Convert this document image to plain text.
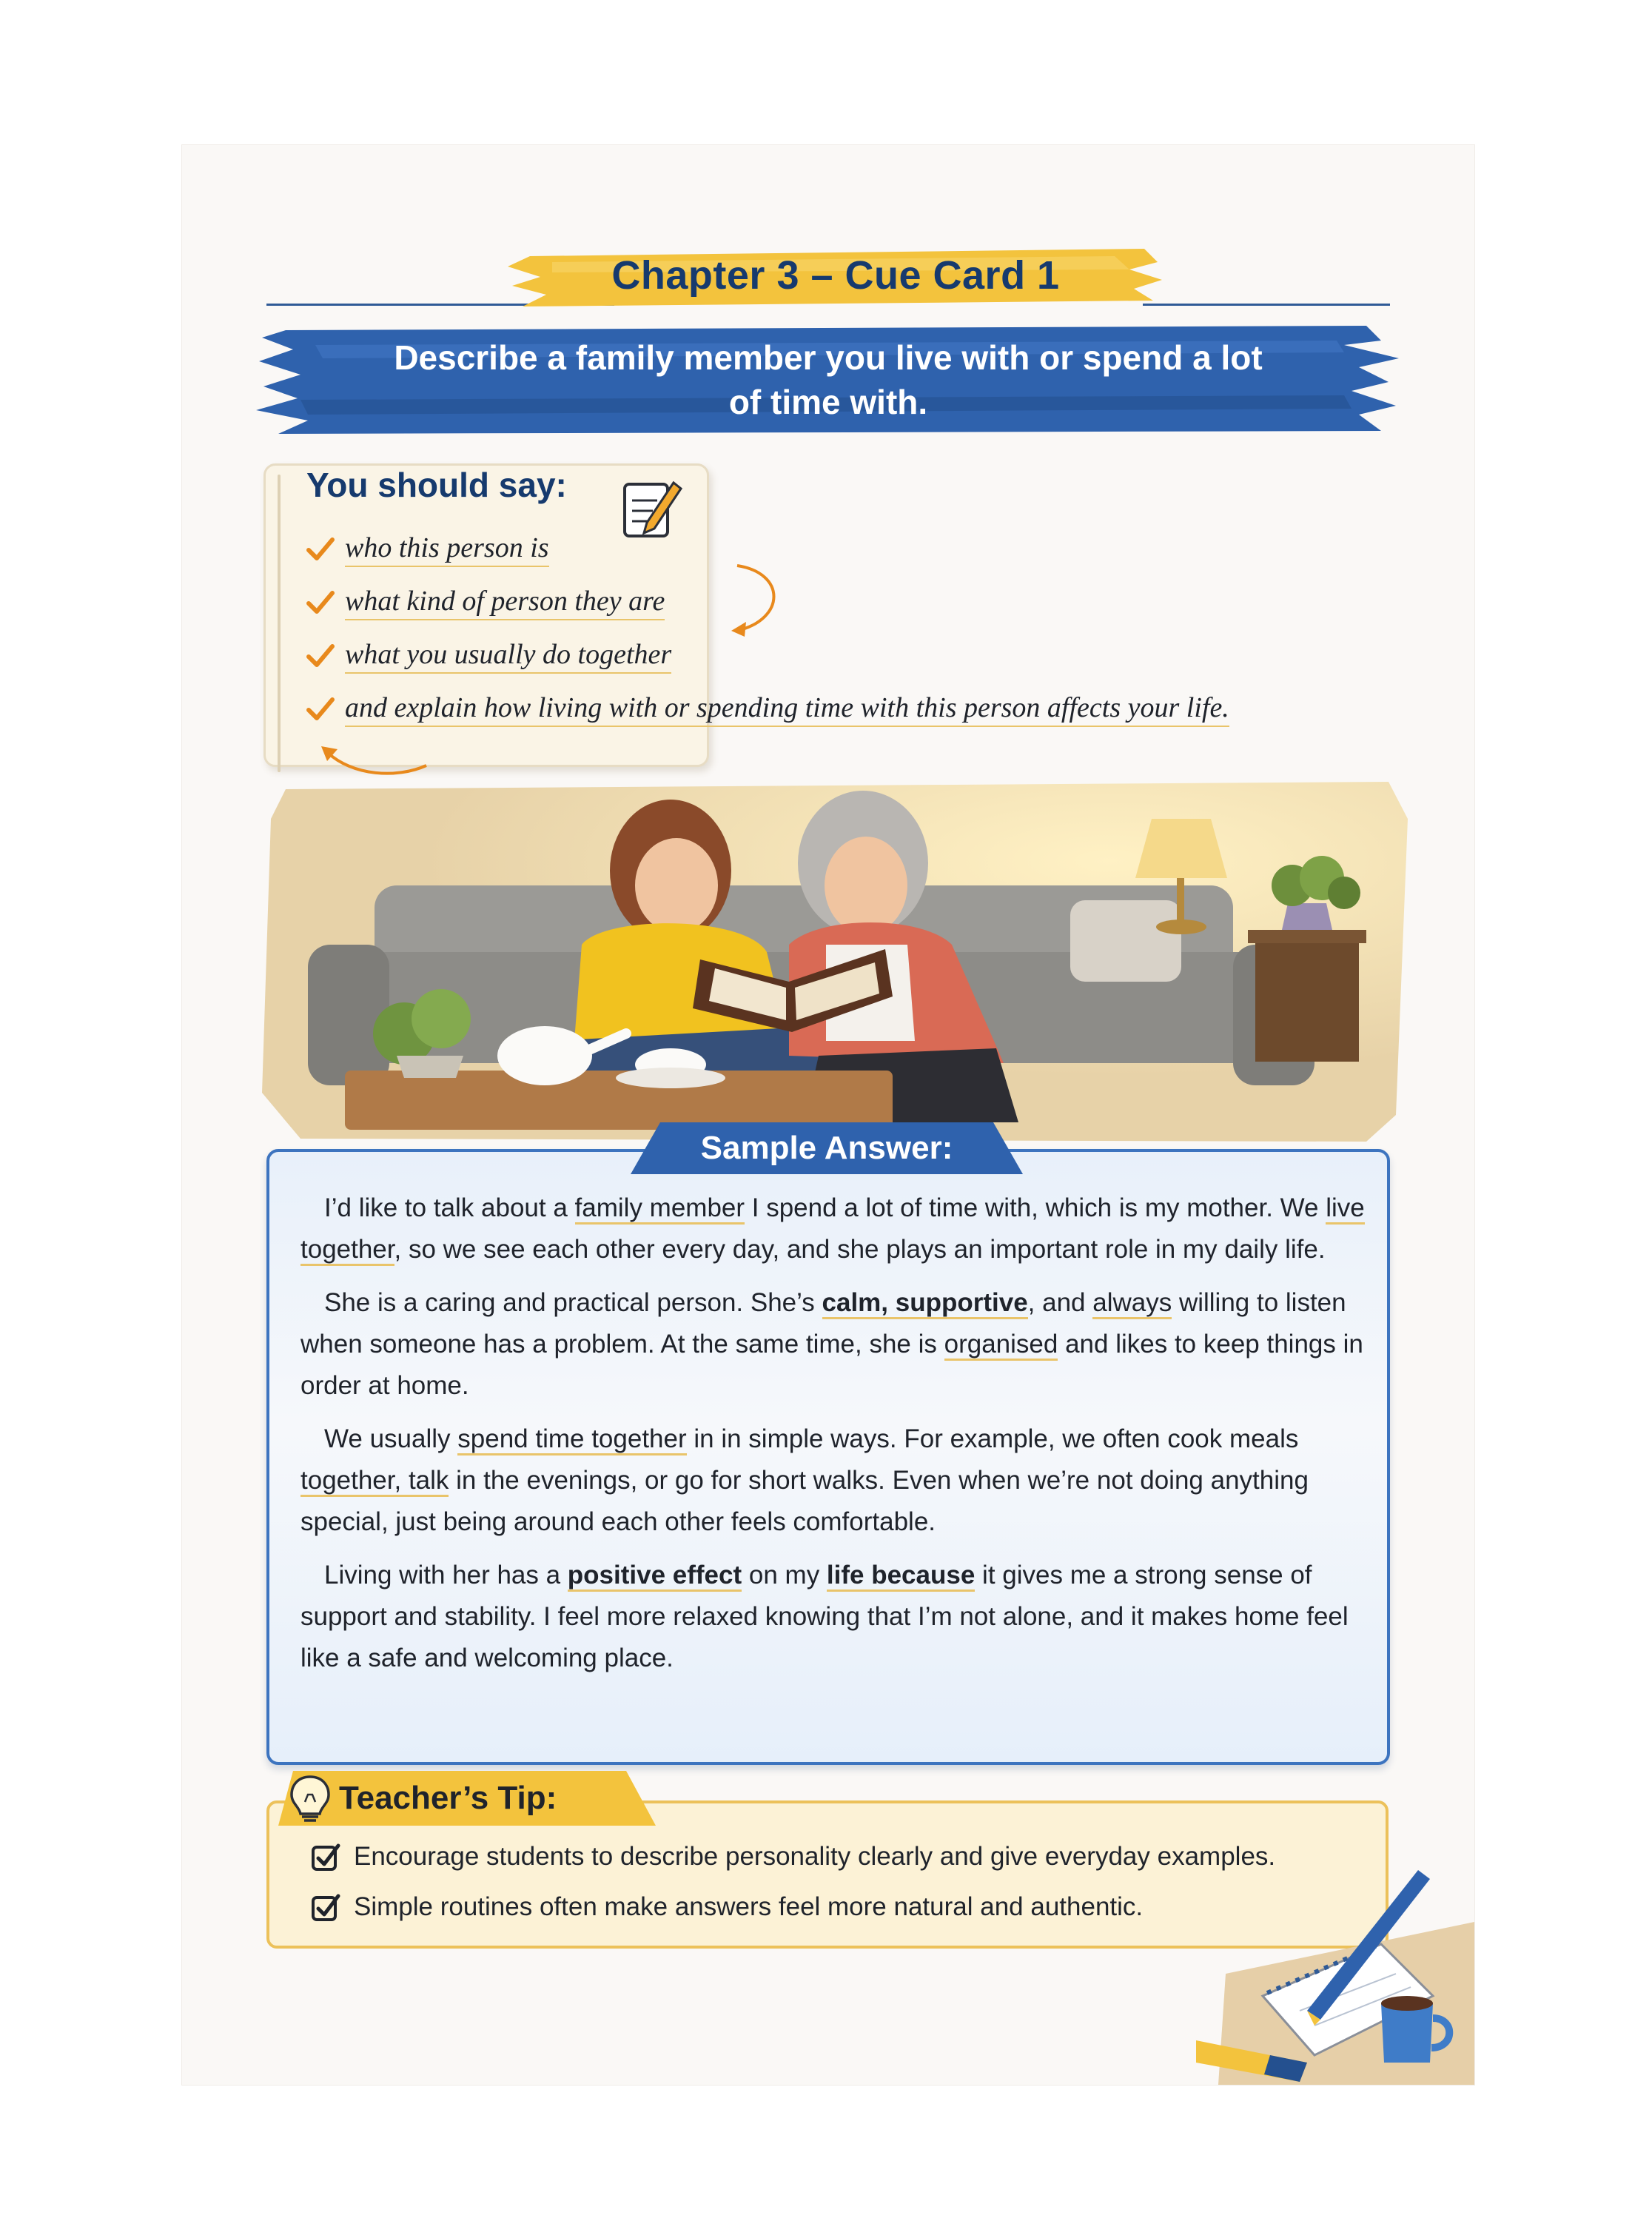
Chapter 3 – Cue Card 1
Describe a family member you live with or spend a lot of time with.
You should say:
who this person is
what kind of person they are
what you usually do together
and explain how living with or spending time with this person affects your life.
Sample Answer:

I’d like to talk about a family member I spend a lot of time with, which is my mother. We live together, so we see each other every day, and she plays an important role in my daily life.

She is a caring and practical person. She’s calm, supportive, and always willing to listen when someone has a problem. At the same time, she is organised and likes to keep things in order at home.

We usually spend time together in in simple ways. For example, we often cook meals together, talk in the evenings, or go for short walks. Even when we’re not doing anything special, just being around each other feels comfortable.

Living with her has a positive effect on my life because it gives me a strong sense of support and stability. I feel more relaxed knowing that I’m not alone, and it makes home feel like a safe and welcoming place.

Teacher’s Tip:
Encourage students to describe personality clearly and give everyday examples.
Simple routines often make answers feel more natural and authentic.
